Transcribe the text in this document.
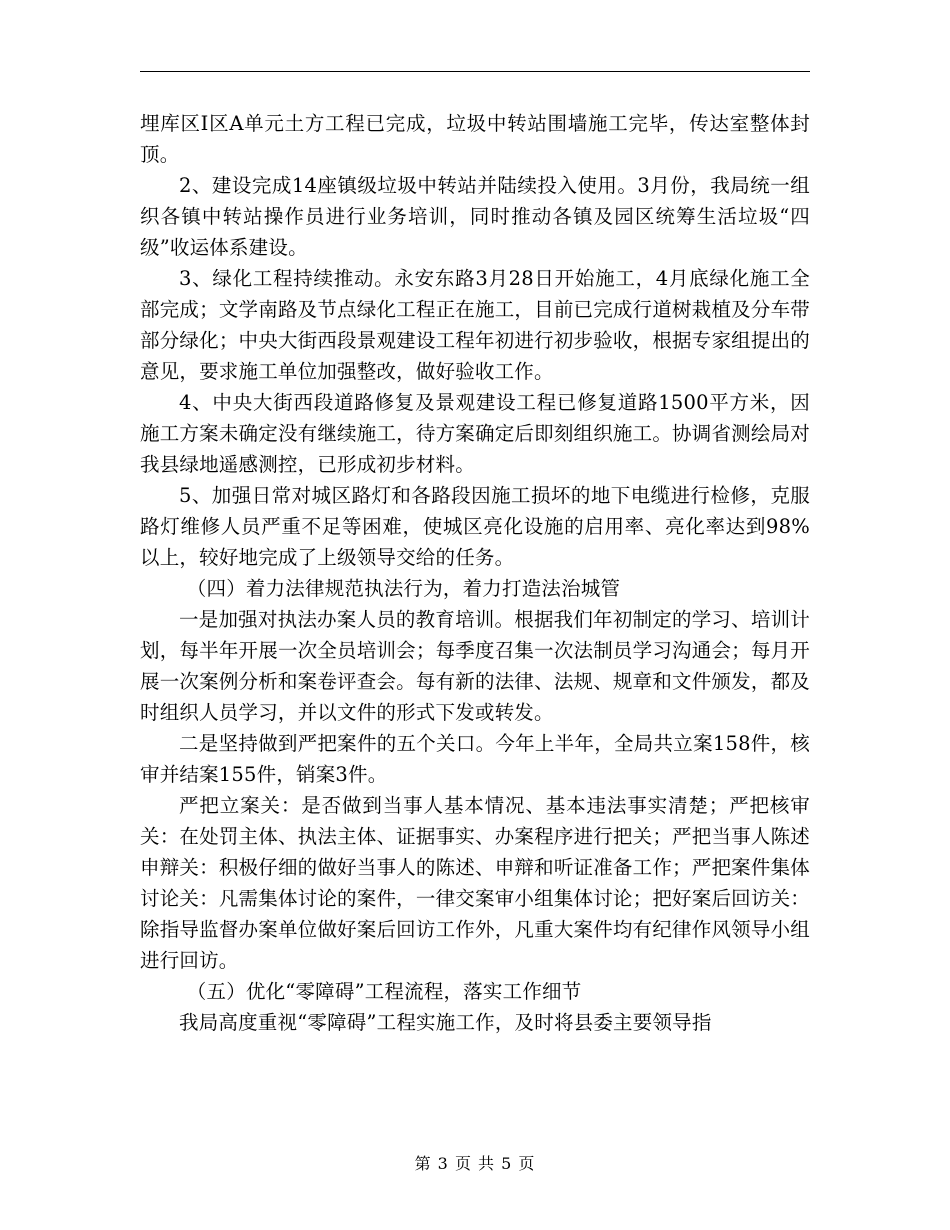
埋库区Ⅰ区A单元土方工程已完成，垃圾中转站围墙施工完毕，传达室整体封顶。

2、建设完成14座镇级垃圾中转站并陆续投入使用。3月份，我局统一组织各镇中转站操作员进行业务培训，同时推动各镇及园区统筹生活垃圾“四级”收运体系建设。

3、绿化工程持续推动。永安东路3月28日开始施工，4月底绿化施工全部完成；文学南路及节点绿化工程正在施工，目前已完成行道树栽植及分车带部分绿化；中央大街西段景观建设工程年初进行初步验收，根据专家组提出的意见，要求施工单位加强整改，做好验收工作。

4、中央大街西段道路修复及景观建设工程已修复道路1500平方米，因施工方案未确定没有继续施工，待方案确定后即刻组织施工。协调省测绘局对我县绿地遥感测控，已形成初步材料。

5、加强日常对城区路灯和各路段因施工损坏的地下电缆进行检修，克服路灯维修人员严重不足等困难，使城区亮化设施的启用率、亮化率达到98%以上，较好地完成了上级领导交给的任务。

（四）着力法律规范执法行为，着力打造法治城管

一是加强对执法办案人员的教育培训。根据我们年初制定的学习、培训计划，每半年开展一次全员培训会；每季度召集一次法制员学习沟通会；每月开展一次案例分析和案卷评查会。每有新的法律、法规、规章和文件颁发，都及时组织人员学习，并以文件的形式下发或转发。

二是坚持做到严把案件的五个关口。今年上半年，全局共立案158件，核审并结案155件，销案3件。

严把立案关：是否做到当事人基本情况、基本违法事实清楚；严把核审关：在处罚主体、执法主体、证据事实、办案程序进行把关；严把当事人陈述申辩关：积极仔细的做好当事人的陈述、申辩和听证准备工作；严把案件集体讨论关：凡需集体讨论的案件，一律交案审小组集体讨论；把好案后回访关：除指导监督办案单位做好案后回访工作外，凡重大案件均有纪律作风领导小组进行回访。

（五）优化“零障碍”工程流程，落实工作细节

我局高度重视“零障碍”工程实施工作，及时将县委主要领导指

第 3 页 共 5 页
